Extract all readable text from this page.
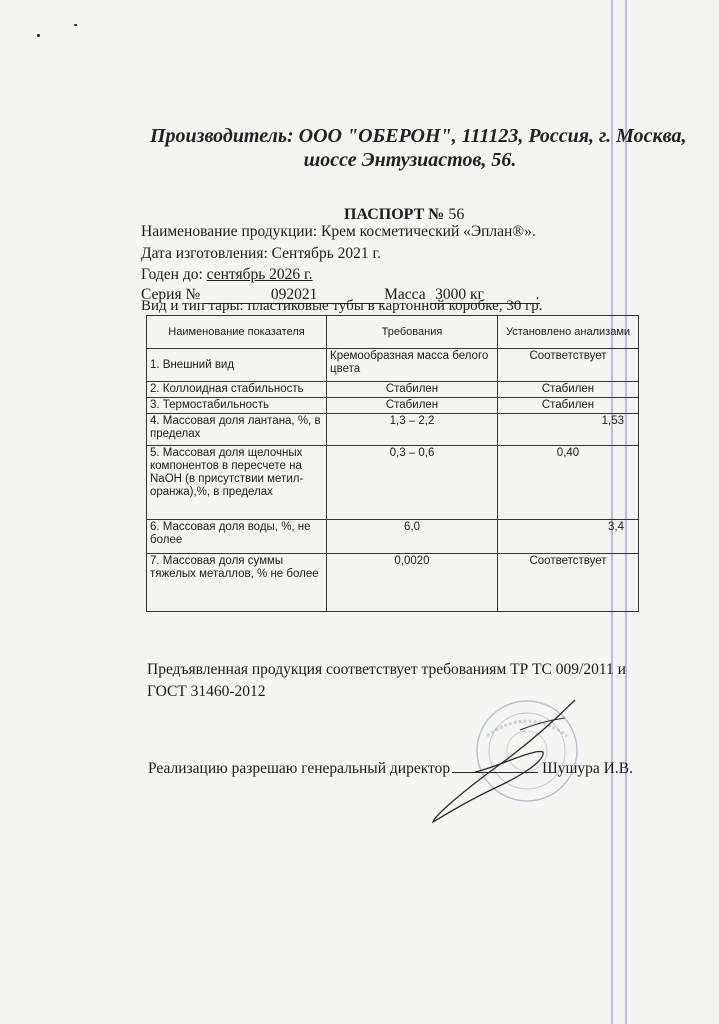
Производитель: ООО "ОБЕРОН", 111123, Россия, г. Москва,
шоссе Энтузиастов, 56.
ПАСПОРТ № 56
Наименование продукции: Крем косметический «Эплан®».
Дата изготовления: Сентябрь 2021 г.
Годен до: сентябрь 2026 г.
Серия №	092021	Масса 3000 кг	.
Вид и тип тары: пластиковые тубы в картонной коробке, 30 гр.
Наименование показателя	Требования	Установлено анализами
1. Внешний вид	Кремообразная масса белого цвета	Соответствует
2. Коллоидная стабильность	Стабилен	Стабилен
3. Термостабильность	Стабилен	Стабилен
4. Массовая доля лантана, %, в пределах	1,3 – 2,2	1,53
5. Массовая доля щелочных компонентов в пересчете на NaOH (в присутствии метил-оранжа),%, в пределах	0,3 – 0,6	0,40
6. Массовая доля воды, %, не более	6,0	3,4
7. Массовая доля суммы тяжелых металлов, % не более	0,0020	Соответствует
Предъявленная продукция соответствует требованиям ТР ТС 009/2011 и ГОСТ 31460-2012
Реализацию разрешаю генеральный директор	Шушура И.В.
